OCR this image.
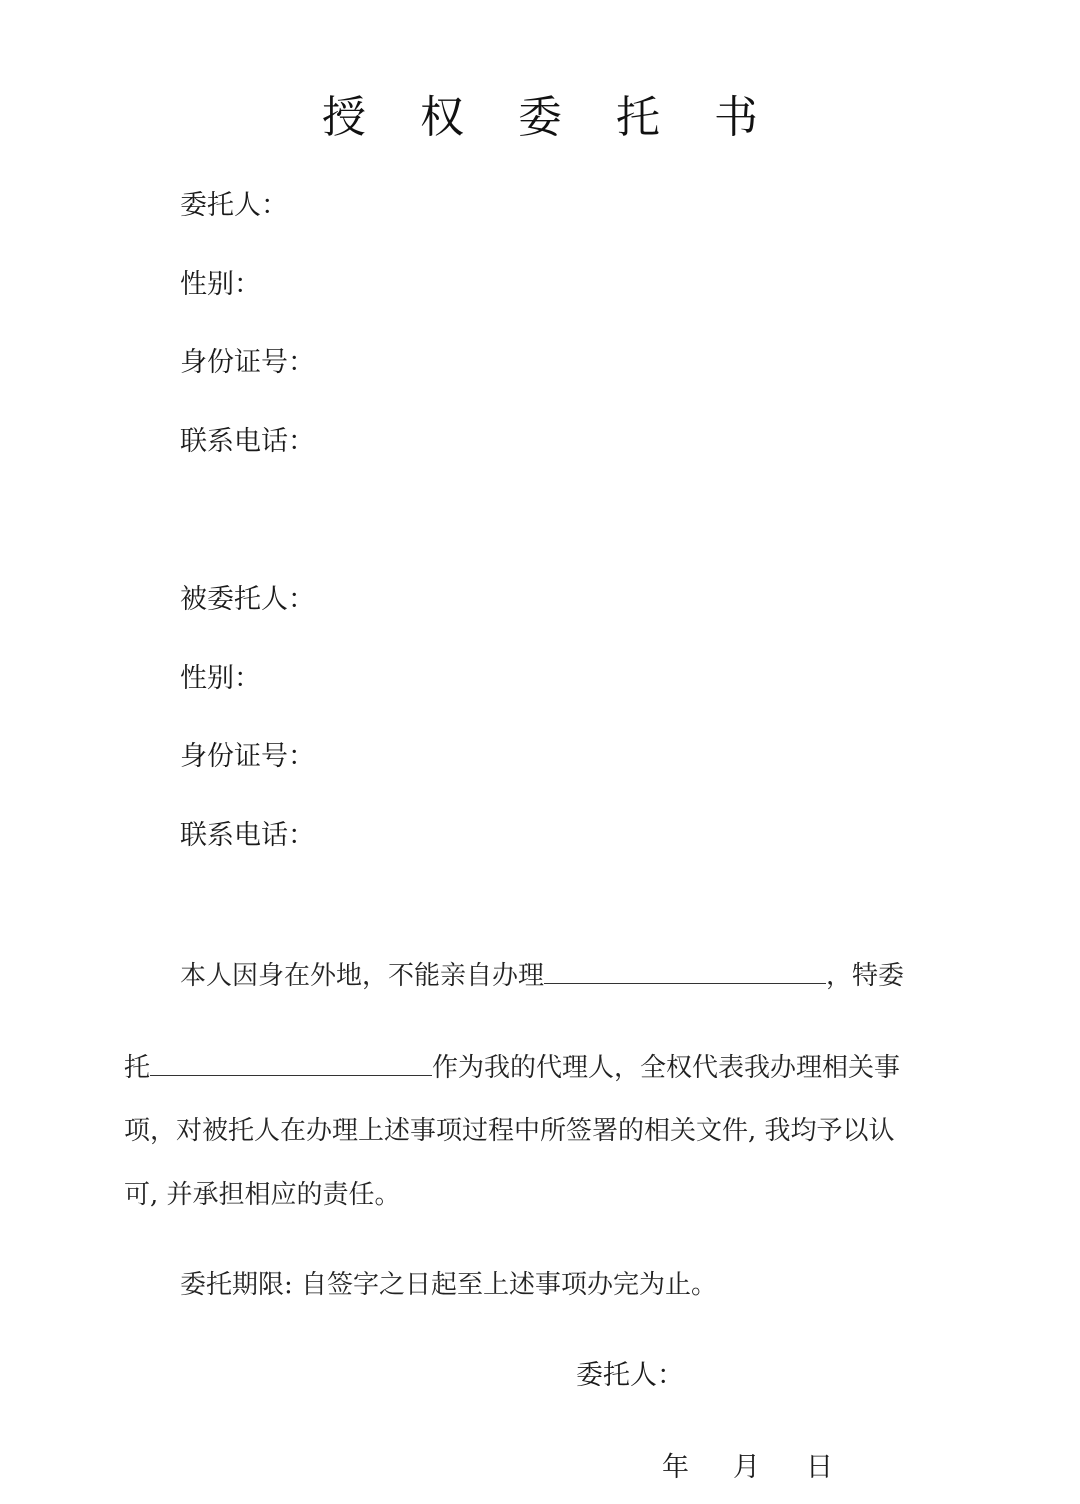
授 权 委 托 书
委托人：
性别：
身份证号：
联系电话：
被委托人：
性别：
身份证号：
联系电话：
本人因身在外地，不能亲自办理	，特委
托	作为我的代理人，全权代表我办理相关事
项，对被托人在办理上述事项过程中所签署的相关文件, 我均予以认
可, 并承担相应的责任。
委托期限: 自签字之日起至上述事项办完为止。
委托人：
年 月 日
